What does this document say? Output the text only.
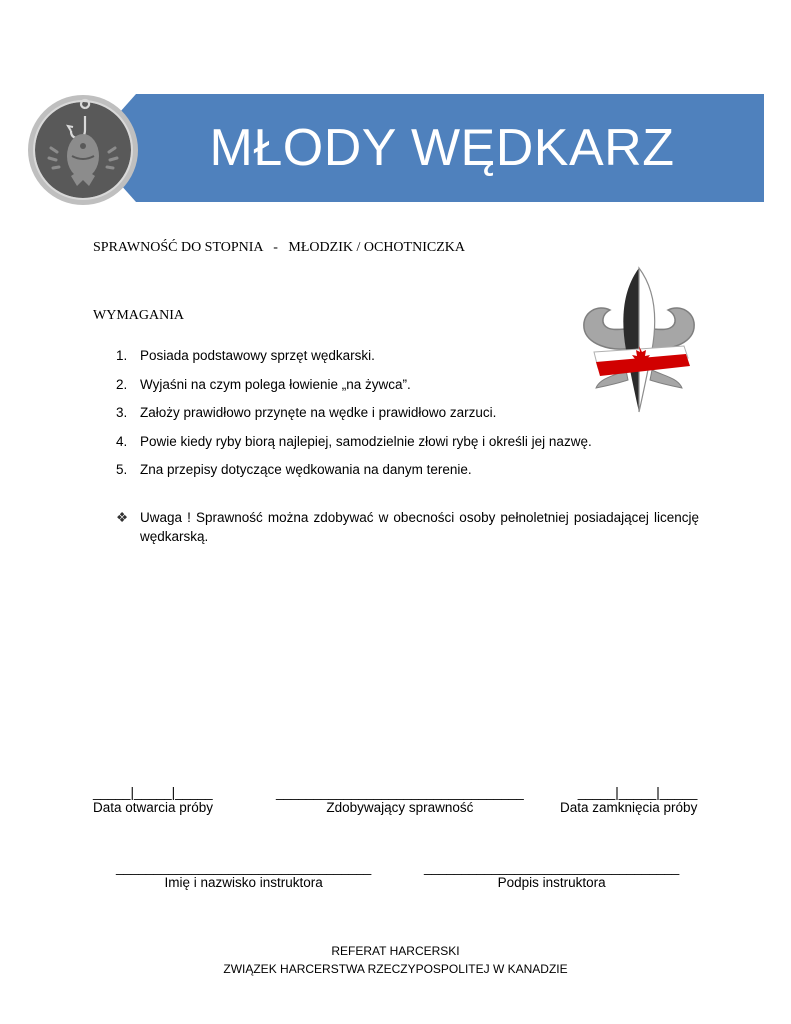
MŁODY WĘDKARZ
SPRAWNOŚĆ DO STOPNIA   -   MŁODZIK / OCHOTNICZKA
WYMAGANIA
1. Posiada podstawowy sprzęt wędkarski.
2. Wyjaśni na czym polega łowienie „na żywca”.
3. Założy prawidłowo przynęte na wędke i prawidłowo zarzuci.
4. Powie kiedy ryby biorą najlepiej, samodzielnie złowi rybę i określi jej nazwę.
5. Zna przepisy dotyczące wędkowania na danym terenie.
❖ Uwaga ! Sprawność można zdobywać w obecności osoby pełnoletniej posiadającej licencję wędkarską.
_____|_____|_____
Data otwarcia próby
_________________________________
Zdobywający sprawność
_____|_____|_____
Data zamknięcia próby
__________________________________
Imię i nazwisko instruktora
__________________________________
Podpis instruktora
REFERAT HARCERSKI
ZWIĄZEK HARCERSTWA RZECZYPOSPOLITEJ W KANADZIE
